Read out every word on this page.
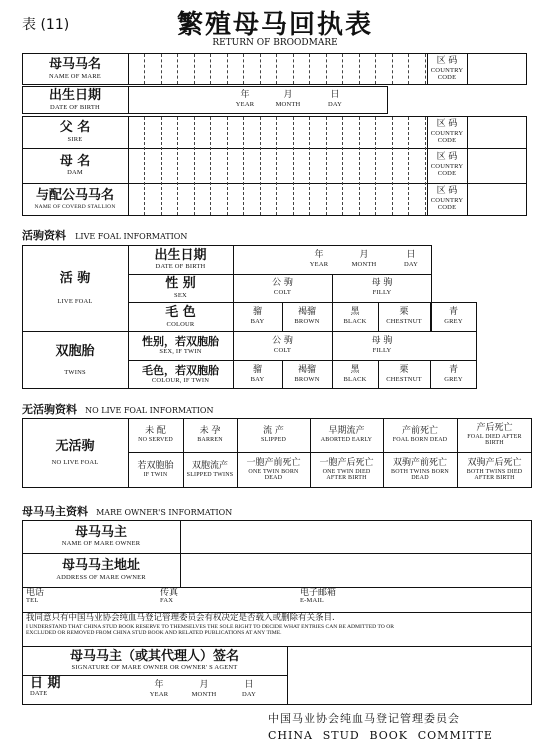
表 (11)	繁殖母马回执表
RETURN OF BROODMARE
母马马名
NAME OF MARE
区 码
COUNTRY
CODE
出生日期
DATE OF BIRTH
年
YEAR
月
MONTH
日
DAY
父 名
SIRE
母 名
DAM
与配公马马名
NAME OF COVERD STALLION
区 码
COUNTRY
CODE
区 码
COUNTRY
CODE
区 码
COUNTRY
CODE
活驹资料 LIVE FOAL INFORMATION
活 驹
LIVE FOAL
双胞胎
TWINS
出生日期
DATE OF BIRTH
性 别
SEX
毛 色
COLOUR
性别，若双胞胎
SEX, IF TWIN
毛色，若双胞胎
COLOUR, IF TWIN
年
YEAR
月
MONTH
日
DAY
公 驹
COLT
母 驹
FILLY
公 驹
COLT
母 驹
FILLY
骝
BAY
褐骝
BROWN
黑
BLACK
栗
CHESTNUT
青
GREY
骝
BAY
褐骝
BROWN
黑
BLACK
栗
CHESTNUT
青
GREY
无活驹资料 NO LIVE FOAL INFORMATION
无活驹
NO LIVE FOAL
未 配
NO SERVED
未 孕
BARREN
流 产
SLIPPED
早期流产
ABORTED EARLY
产前死亡
FOAL BORN DEAD
产后死亡
FOAL DIED AFTER BIRTH
若双胞胎
IF TWIN
双胞流产
SLIPPED TWINS
一胞产前死亡
ONE TWIN BORN DEAD
一胞产后死亡
ONE TWIN DIED AFTER BIRTH
双驹产前死亡
BOTH TWINS BORN DEAD
双驹产后死亡
BOTH TWINS DIED AFTER BIRTH
母马马主资料 MARE OWNER'S INFORMATION
母马马主
NAME OF MARE OWNER
母马马主地址
ADDRESS OF MARE OWNER
电话
TEL
传真
FAX
电子邮箱
E-MAIL
我同意只有中国马业协会纯血马登记管理委员会有权决定是否载入或删除有关条目.
I UNDERSTAND THAT CHINA STUD BOOK RESERVE TO THEMSELVES THE SOLE RIGHT TO DECIDE WHAT ENTRIES CAN BE ADMITTED TO OR
EXCLUDED OR REMOVED FROM CHINA STUD BOOK AND RELATED PUBLICATIONS AT ANY TIME.
母马马主（或其代理人）签名
SIGNATURE OF MARE OWNER OR OWNER' S AGENT
日 期
DATE
年
YEAR
月
MONTH
日
DAY
中国马业协会纯血马登记管理委员会
CHINA STUD BOOK COMMITTE
